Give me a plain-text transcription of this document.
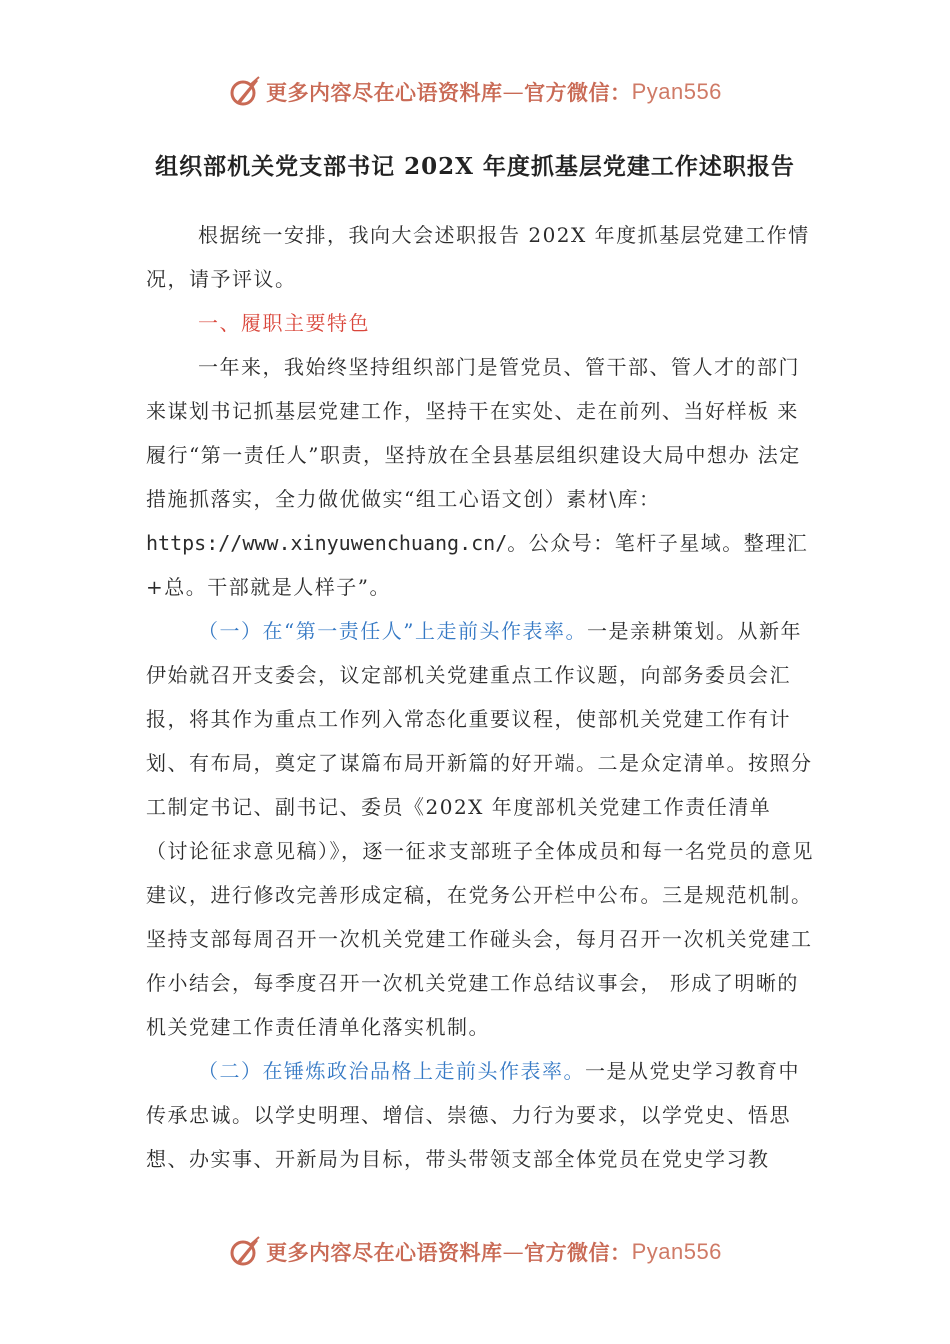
更多内容尽在心语资料库 — 官方微信： Pyan556
组织部机关党支部书记 202X 年度抓基层党建工作述职报告

根据统一安排，我向大会述职报告 202X 年度抓基层党建工作情况，请予评议。

一、履职主要特色

一年来，我始终坚持组织部门是管党员、管干部、管人才的部门来谋划书记抓基层党建工作，坚持干在实处、走在前列、当好样板 来履行“第一责任人”职责，坚持放在全县基层组织建设大局中想办 法定措施抓落实，全力做优做实“组工心语文创）素材\库：https://www.xinyuwenchuang.cn/。公众号：笔杆子星域。整理汇+总。干部就是人样子”。

（一）在“第一责任人”上走前头作表率。一是亲耕策划。从新年伊始就召开支委会，议定部机关党建重点工作议题，向部务委员会汇报，将其作为重点工作列入常态化重要议程，使部机关党建工作有计划、有布局，奠定了谋篇布局开新篇的好开端。二是众定清单。按照分工制定书记、副书记、委员《202X 年度部机关党建工作责任清单（讨论征求意见稿）》，逐一征求支部班子全体成员和每一名党员的意见建议，进行修改完善形成定稿，在党务公开栏中公布。三是规范机制。坚持支部每周召开一次机关党建工作碰头会，每月召开一次机关党建工作小结会，每季度召开一次机关党建工作总结议事会， 形成了明晰的机关党建工作责任清单化落实机制。

（二）在锤炼政治品格上走前头作表率。一是从党史学习教育中传承忠诚。以学史明理、增信、崇德、力行为要求，以学党史、悟思想、办实事、开新局为目标，带头带领支部全体党员在党史学习教

更多内容尽在心语资料库 — 官方微信： Pyan556
